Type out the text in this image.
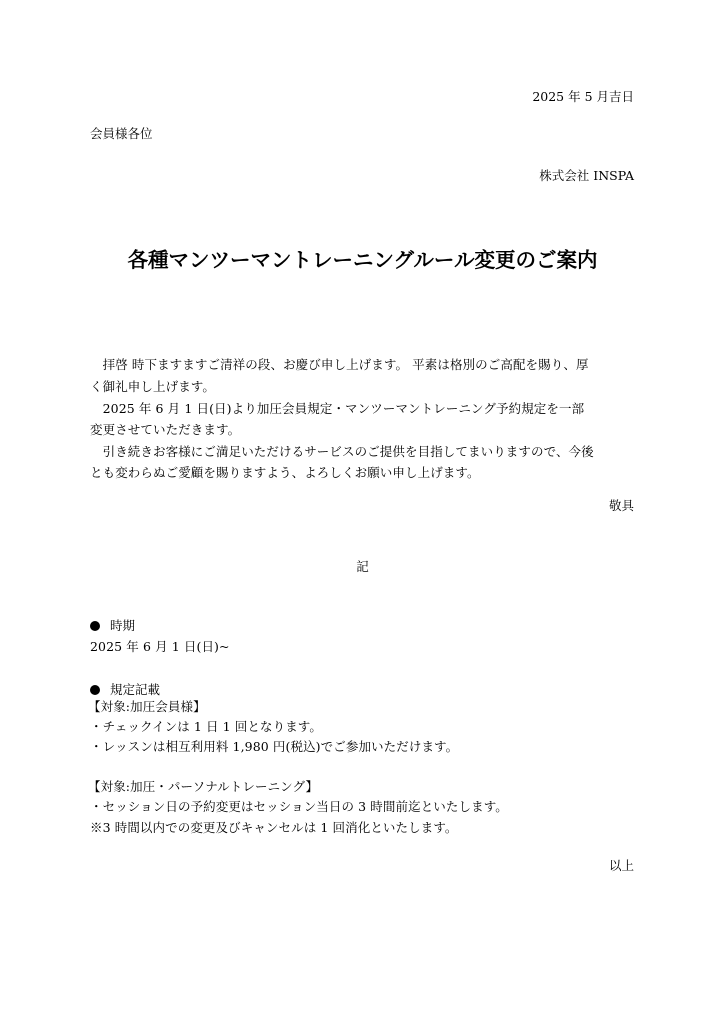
2025 年 5 月吉日
会員様各位
株式会社 INSPA
各種マンツーマントレーニングルール変更のご案内
　拝啓 時下ますますご清祥の段、お慶び申し上げます。 平素は格別のご高配を賜り、厚
く御礼申し上げます。
　2025 年 6 月 1 日(日)より加圧会員規定・マンツーマントレーニング予約規定を一部
変更させていただきます。
　引き続きお客様にご満足いただけるサービスのご提供を目指してまいりますので、今後
とも変わらぬご愛顧を賜りますよう、よろしくお願い申し上げます。
敬具
記
時期
2025 年 6 月 1 日(日)~
規定記載
【対象:加圧会員様】
・チェックインは 1 日 1 回となります。
・レッスンは相互利用料 1,980 円(税込)でご参加いただけます。
【対象:加圧・パーソナルトレーニング】
・セッション日の予約変更はセッション当日の 3 時間前迄といたします。
※3 時間以内での変更及びキャンセルは 1 回消化といたします。
以上
